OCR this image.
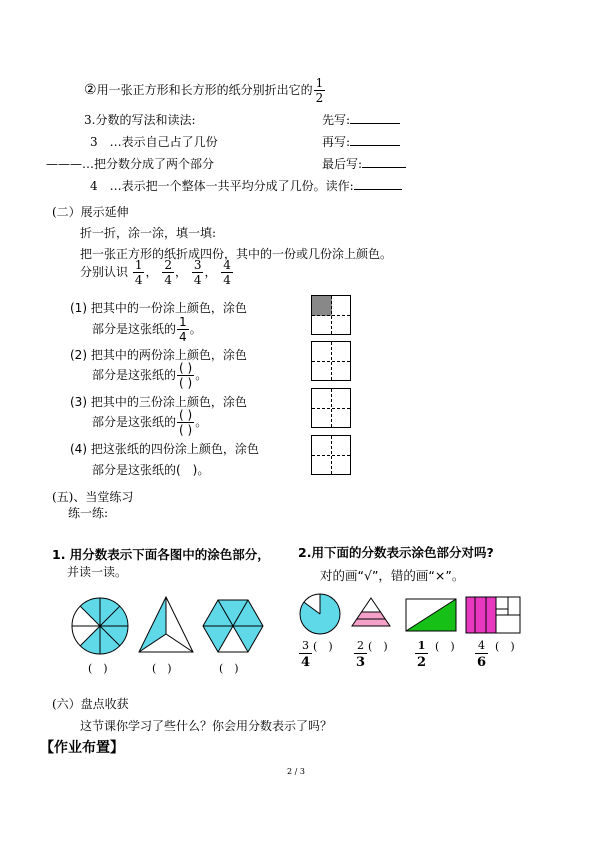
②用一张正方形和长方形的纸分别折出它的 $\frac{1}{2}$
3.分数的写法和读法:	先写:
3　…表示自己占了几份	再写:
———…把分数分成了两个部分	最后写:
4　…表示把一个整体一共平均分成了几份。读作:
(二）展示延伸
折一折，涂一涂，填一填:
把一张正方形的纸折成四份，其中的一份或几份涂上颜色。
分别认识 $\frac{1}{4}$ ， $\frac{2}{4}$ ， $\frac{3}{4}$ ， $\frac{4}{4}$
(1) 把其中的一份涂上颜色，涂色
部分是这张纸的 $\frac{1}{4}$ 。
(2) 把其中的两份涂上颜色，涂色
部分是这张纸的 $\frac{( )}{( )}$ 。
(3) 把其中的三份涂上颜色，涂色
部分是这张纸的 $\frac{( )}{( )}$ 。
(4) 把这张纸的四份涂上颜色，涂色
部分是这张纸的(　)。
(五)、当堂练习
练一练:
1. 用分数表示下面各图中的涂色部分，
并读一读。
2.用下面的分数表示涂色部分对吗?
对的画“√”，错的画“×”。
(　)	(　)	(　)	$\frac{3}{4}$ (　) $\frac{2}{3}$ (　) $\frac{1}{2}$ (　) $\frac{4}{6}$ (　)
(六）盘点收获
这节课你学习了些什么？你会用分数表示了吗？
【作业布置】
2 / 3
